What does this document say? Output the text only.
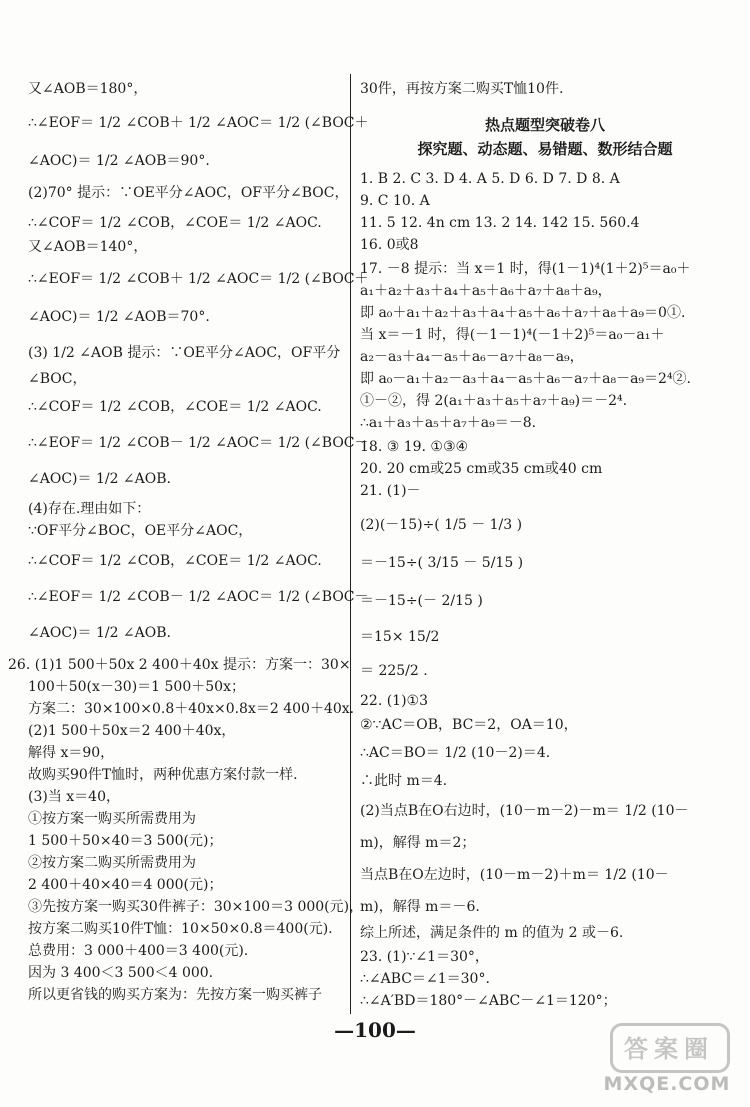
又∠AOB＝180°，
∴∠EOF＝ 1/2 ∠COB＋ 1/2 ∠AOC＝ 1/2 (∠BOC＋
∠AOC)＝ 1/2 ∠AOB＝90°.
(2)70° 提示：∵OE平分∠AOC，OF平分∠BOC，
∴∠COF＝ 1/2 ∠COB，∠COE＝ 1/2 ∠AOC.
又∠AOB＝140°，
∴∠EOF＝ 1/2 ∠COB＋ 1/2 ∠AOC＝ 1/2 (∠BOC＋
∠AOC)＝ 1/2 ∠AOB＝70°.
(3) 1/2 ∠AOB 提示：∵OE平分∠AOC，OF平分
∠BOC，
∴∠COF＝ 1/2 ∠COB，∠COE＝ 1/2 ∠AOC.
∴∠EOF＝ 1/2 ∠COB－ 1/2 ∠AOC＝ 1/2 (∠BOC－
∠AOC)＝ 1/2 ∠AOB.
(4)存在.理由如下：
∵OF平分∠BOC，OE平分∠AOC，
∴∠COF＝ 1/2 ∠COB，∠COE＝ 1/2 ∠AOC.
∴∠EOF＝ 1/2 ∠COB－ 1/2 ∠AOC＝ 1/2 (∠BOC－
∠AOC)＝ 1/2 ∠AOB.
26. (1)1 500＋50x 2 400＋40x 提示：方案一：30×
100＋50(x－30)＝1 500＋50x；
方案二：30×100×0.8＋40x×0.8x＝2 400＋40x.
(2)1 500＋50x＝2 400＋40x，
解得 x＝90，
故购买90件T恤时，两种优惠方案付款一样.
(3)当 x＝40，
①按方案一购买所需费用为
1 500＋50×40＝3 500(元)；
②按方案二购买所需费用为
2 400＋40×40＝4 000(元)；
③先按方案一购买30件裤子：30×100＝3 000(元)，
按方案二购买10件T恤：10×50×0.8＝400(元).
总费用：3 000＋400＝3 400(元).
因为 3 400＜3 500＜4 000.
所以更省钱的购买方案为：先按方案一购买裤子
30件，再按方案二购买T恤10件.
热点题型突破卷八
探究题、动态题、易错题、数形结合题
1. B 2. C 3. D 4. A 5. D 6. D 7. D 8. A
9. C 10. A
11. 5 12. 4n cm 13. 2 14. 142 15. 560.4
16. 0或8
17. －8 提示：当 x＝1 时，得(1－1)⁴(1＋2)⁵＝a₀＋
a₁＋a₂＋a₃＋a₄＋a₅＋a₆＋a₇＋a₈＋a₉，
即 a₀＋a₁＋a₂＋a₃＋a₄＋a₅＋a₆＋a₇＋a₈＋a₉＝0①.
当 x＝－1 时，得(－1－1)⁴(－1＋2)⁵＝a₀－a₁＋
a₂－a₃＋a₄－a₅＋a₆－a₇＋a₈－a₉，
即 a₀－a₁＋a₂－a₃＋a₄－a₅＋a₆－a₇＋a₈－a₉＝2⁴②.
①－②，得 2(a₁＋a₃＋a₅＋a₇＋a₉)＝－2⁴.
∴a₁＋a₃＋a₅＋a₇＋a₉＝－8.
18. ③ 19. ①③④
20. 20 cm或25 cm或35 cm或40 cm
21. (1)－
(2)(－15)÷( 1/5 － 1/3 )
＝－15÷( 3/15 － 5/15 )
＝－15÷(－ 2/15 )
＝15× 15/2
＝ 225/2 .
22. (1)①3
②∵AC＝OB，BC＝2，OA＝10，
∴AC＝BO＝ 1/2 (10－2)＝4.
∴此时 m＝4.
(2)当点B在O右边时，(10－m－2)－m＝ 1/2 (10－
m)，解得 m＝2；
当点B在O左边时，(10－m－2)＋m＝ 1/2 (10－
m)，解得 m＝－6.
综上所述，满足条件的 m 的值为 2 或－6.
23. (1)∵∠1＝30°，
∴∠ABC＝∠1＝30°.
∴∠A′BD＝180°－∠ABC－∠1＝120°；
—100—
答 案 圈
MXQE.COM
